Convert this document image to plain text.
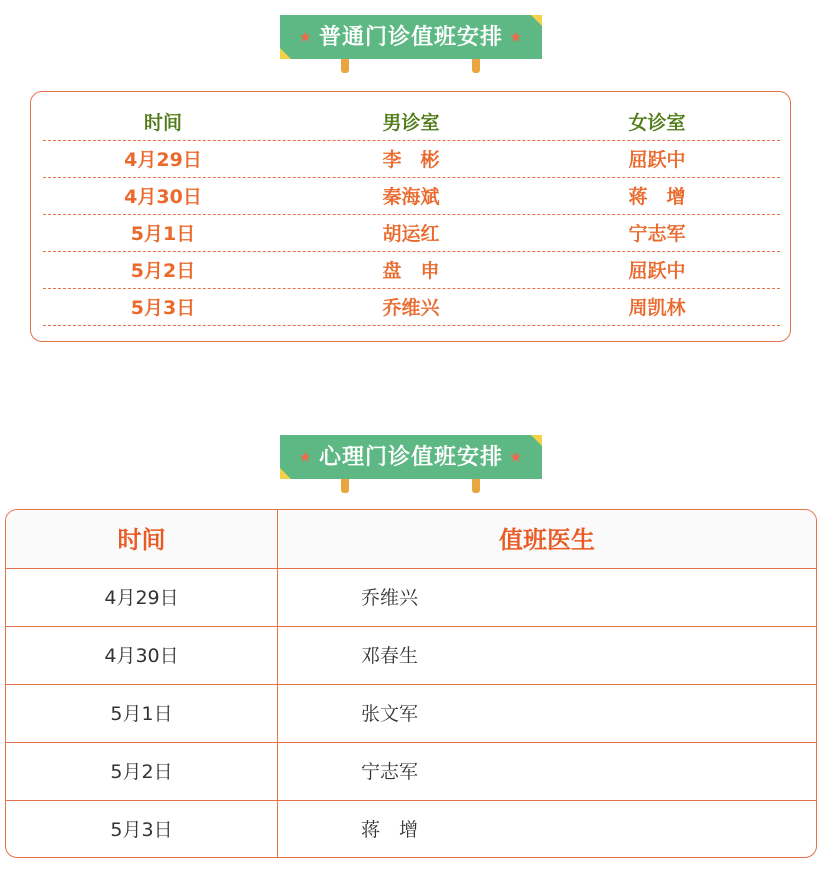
★ 普通门诊值班安排 ★
时间	男诊室	女诊室
4月29日	李　彬	屈跃中
4月30日	秦海斌	蒋　增
5月1日	胡运红	宁志军
5月2日	盘　申	屈跃中
5月3日	乔维兴	周凯林
★ 心理门诊值班安排 ★
时间	值班医生
4月29日	乔维兴
4月30日	邓春生
5月1日	张文军
5月2日	宁志军
5月3日	蒋　增
